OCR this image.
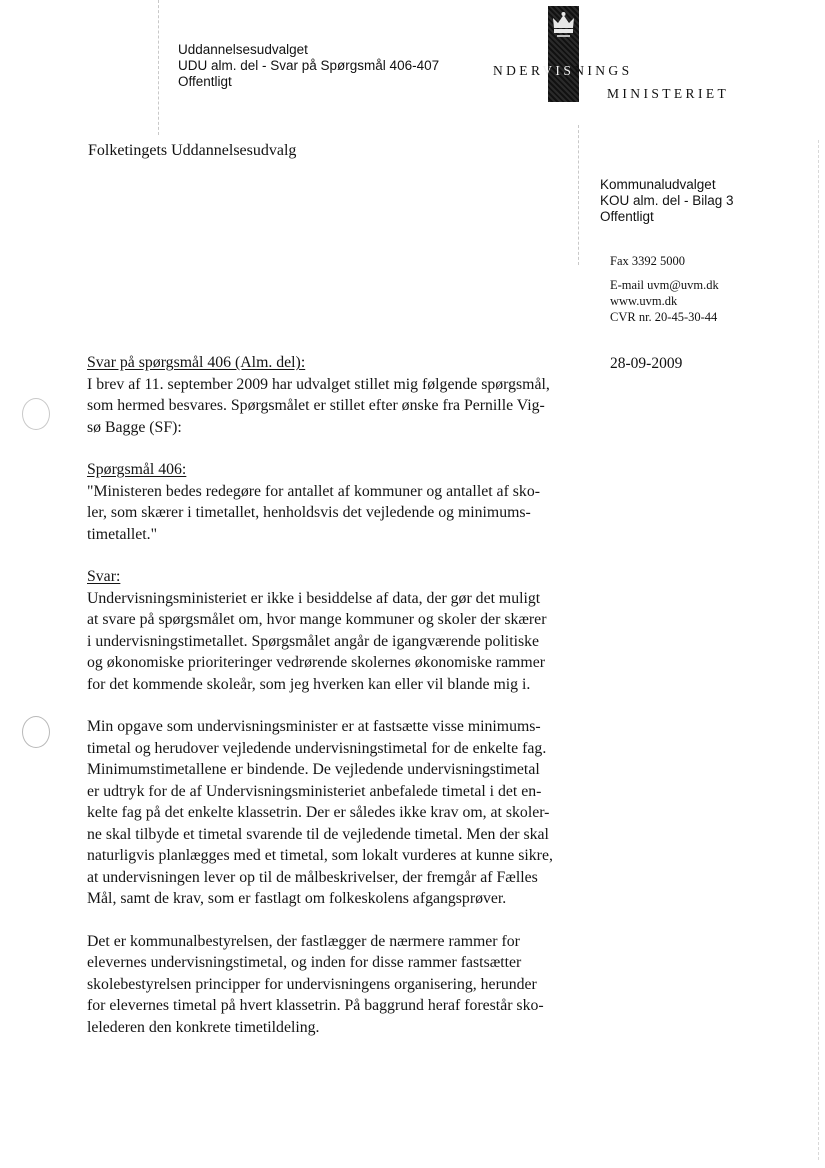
Uddannelsesudvalget
UDU alm. del - Svar på Spørgsmål 406-407
Offentligt
NDERVISNINGS
MINISTERIET
Folketingets Uddannelsesudvalg
Kommunaludvalget
KOU alm. del - Bilag 3
Offentligt
Fax 3392 5000
E-mail uvm@uvm.dk
www.uvm.dk
CVR nr. 20-45-30-44
28-09-2009

Svar på spørgsmål 406 (Alm. del):
I brev af 11. september 2009 har udvalget stillet mig følgende spørgsmål,
som hermed besvares. Spørgsmålet er stillet efter ønske fra Pernille Vig-
sø Bagge (SF):

Spørgsmål 406:
"Ministeren bedes redegøre for antallet af kommuner og antallet af sko-
ler, som skærer i timetallet, henholdsvis det vejledende og minimums-
timetallet."

Svar:
Undervisningsministeriet er ikke i besiddelse af data, der gør det muligt
at svare på spørgsmålet om, hvor mange kommuner og skoler der skærer
i undervisningstimetallet. Spørgsmålet angår de igangværende politiske
og økonomiske prioriteringer vedrørende skolernes økonomiske rammer
for det kommende skoleår, som jeg hverken kan eller vil blande mig i.

Min opgave som undervisningsminister er at fastsætte visse minimums-
timetal og herudover vejledende undervisningstimetal for de enkelte fag.
Minimumstimetallene er bindende. De vejledende undervisningstimetal
er udtryk for de af Undervisningsministeriet anbefalede timetal i det en-
kelte fag på det enkelte klassetrin. Der er således ikke krav om, at skoler-
ne skal tilbyde et timetal svarende til de vejledende timetal. Men der skal
naturligvis planlægges med et timetal, som lokalt vurderes at kunne sikre,
at undervisningen lever op til de målbeskrivelser, der fremgår af Fælles
Mål, samt de krav, som er fastlagt om folkeskolens afgangsprøver.

Det er kommunalbestyrelsen, der fastlægger de nærmere rammer for
elevernes undervisningstimetal, og inden for disse rammer fastsætter
skolebestyrelsen principper for undervisningens organisering, herunder
for elevernes timetal på hvert klassetrin. På baggrund heraf forestår sko-
lelederen den konkrete timetildeling.
